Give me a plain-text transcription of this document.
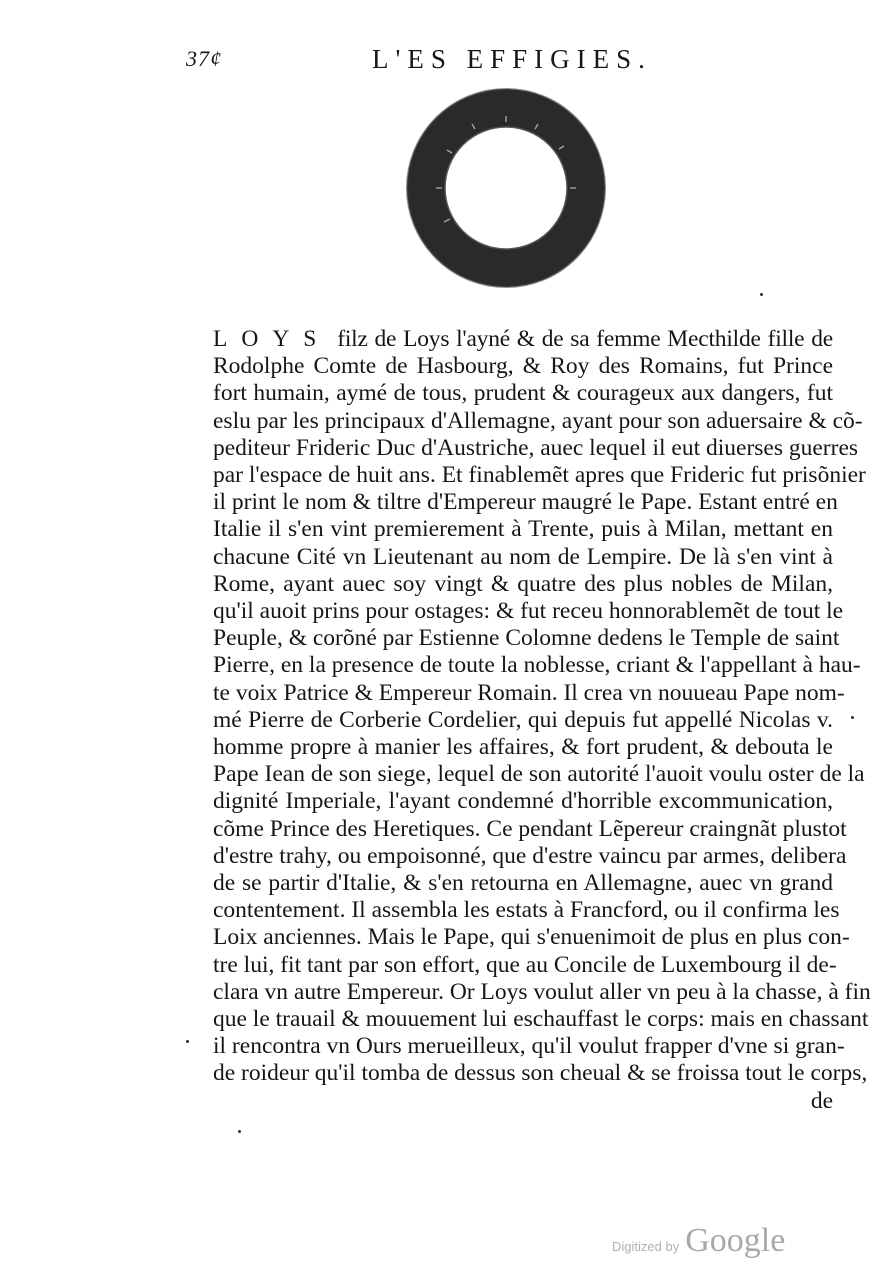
37¢	L'ES EFFIGIES.
LOYS filz de Loys l'ayné & de sa femme Mecthilde fille de
Rodolphe Comte de Hasbourg, & Roy des Romains, fut Prince
fort humain, aymé de tous, prudent & courageux aux dangers, fut
eslu par les principaux d'Allemagne, ayant pour son aduersaire & cõ-
pediteur Frideric Duc d'Austriche, auec lequel il eut diuerses guerres
par l'espace de huit ans. Et finablemẽt apres que Frideric fut prisõnier
il print le nom & tiltre d'Empereur maugré le Pape. Estant entré en
Italie il s'en vint premierement à Trente, puis à Milan, mettant en
chacune Cité vn Lieutenant au nom de Lempire. De là s'en vint à
Rome, ayant auec soy vingt & quatre des plus nobles de Milan,
qu'il auoit prins pour ostages: & fut receu honnorablemẽt de tout le
Peuple, & corõné par Estienne Colomne dedens le Temple de saint
Pierre, en la presence de toute la noblesse, criant & l'appellant à hau-
te voix Patrice & Empereur Romain. Il crea vn nouueau Pape nom-
mé Pierre de Corberie Cordelier, qui depuis fut appellé Nicolas v.
homme propre à manier les affaires, & fort prudent, & debouta le
Pape Iean de son siege, lequel de son autorité l'auoit voulu oster de la
dignité Imperiale, l'ayant condemné d'horrible excommunication,
cõme Prince des Heretiques. Ce pendant Lẽpereur craingnãt plustot
d'estre trahy, ou empoisonné, que d'estre vaincu par armes, delibera
de se partir d'Italie, & s'en retourna en Allemagne, auec vn grand
contentement. Il assembla les estats à Francford, ou il confirma les
Loix anciennes. Mais le Pape, qui s'enuenimoit de plus en plus con-
tre lui, fit tant par son effort, que au Concile de Luxembourg il de-
clara vn autre Empereur. Or Loys voulut aller vn peu à la chasse, à fin
que le trauail & mouuement lui eschauffast le corps: mais en chassant
il rencontra vn Ours merueilleux, qu'il voulut frapper d'vne si gran-
de roideur qu'il tomba de dessus son cheual & se froissa tout le corps,
de
Digitized by Google
